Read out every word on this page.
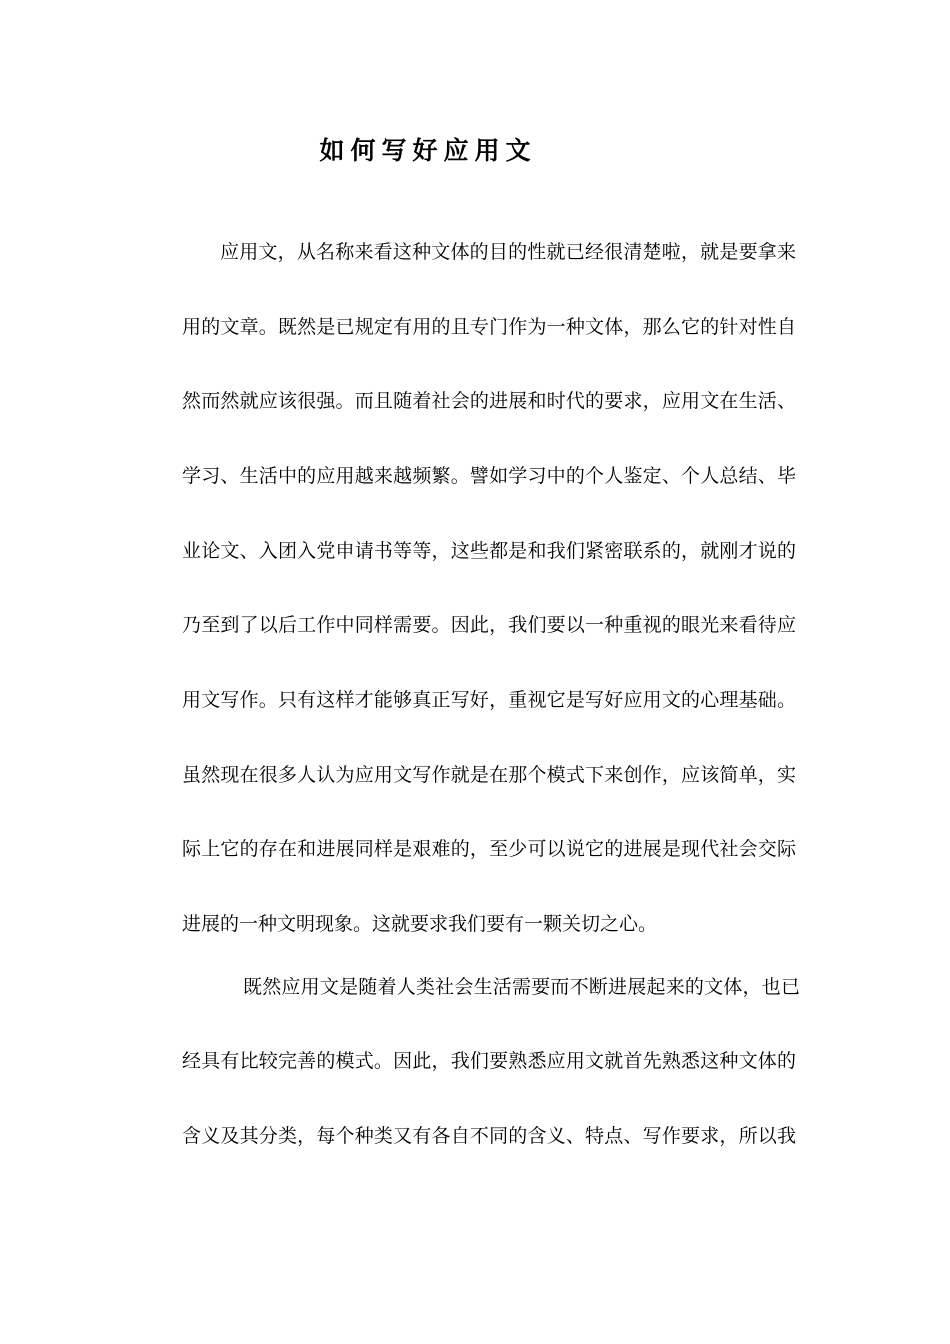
如何写好应用文

应用文，从名称来看这种文体的目的性就已经很清楚啦，就是要拿来

用的文章。既然是已规定有用的且专门作为一种文体，那么它的针对性自

然而然就应该很强。而且随着社会的进展和时代的要求，应用文在生活、

学习、生活中的应用越来越频繁。譬如学习中的个人鉴定、个人总结、毕

业论文、入团入党申请书等等，这些都是和我们紧密联系的，就刚才说的

乃至到了以后工作中同样需要。因此，我们要以一种重视的眼光来看待应

用文写作。只有这样才能够真正写好，重视它是写好应用文的心理基础。

虽然现在很多人认为应用文写作就是在那个模式下来创作，应该简单，实

际上它的存在和进展同样是艰难的，至少可以说它的进展是现代社会交际

进展的一种文明现象。这就要求我们要有一颗关切之心。

既然应用文是随着人类社会生活需要而不断进展起来的文体，也已

经具有比较完善的模式。因此，我们要熟悉应用文就首先熟悉这种文体的

含义及其分类，每个种类又有各自不同的含义、特点、写作要求，所以我
